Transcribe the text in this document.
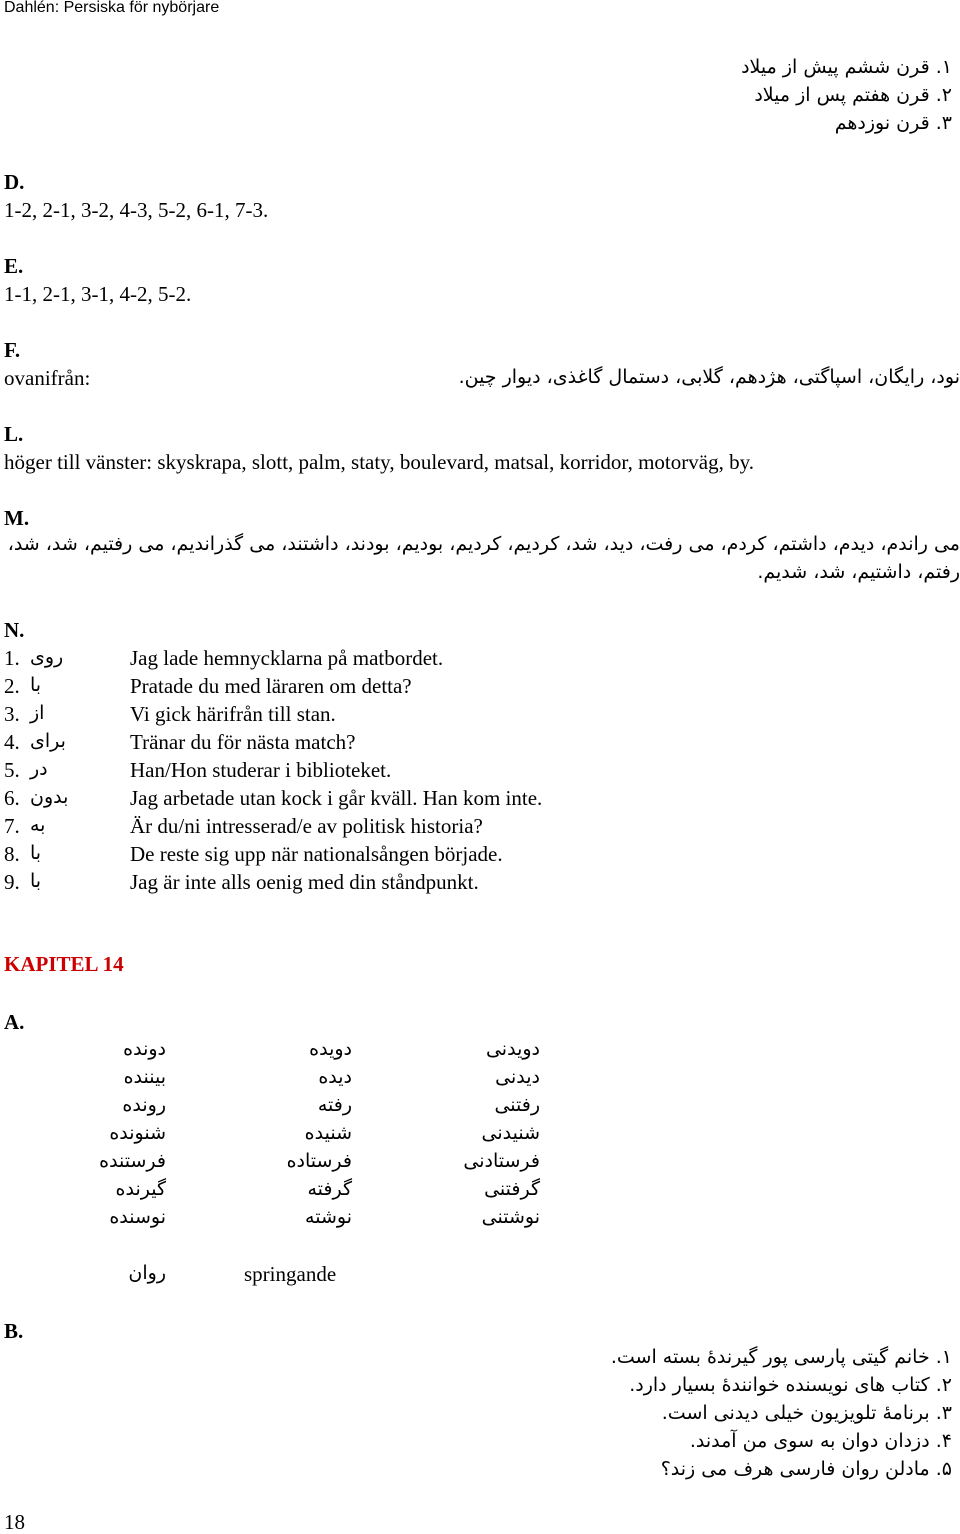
Dahlén: Persiska för nybörjare
۱. قرن ششم پیش از میلاد
۲. قرن هفتم پس از میلاد
۳. قرن نوزدهم
D.
1-2, 2-1, 3-2, 4-3, 5-2, 6-1, 7-3.
E.
1-1, 2-1, 3-1, 4-2, 5-2.
F.
ovanifrån:	نود، رایگان، اسپاگتی، هژدهم، گلابی، دستمال گاغذی، دیوار چین.
L.
höger till vänster: skyskrapa, slott, palm, staty, boulevard, matsal, korridor, motorväg, by.
M.
می راندم، دیدم، داشتم، کردم، می رفت، دید، شد، کردیم، کردیم، بودیم، بودند، داشتند، می گذراندیم، می رفتیم، شد، شد،
رفتم، داشتیم، شد، شدیم.
N.
1. روی	Jag lade hemnycklarna på matbordet.
2. با	Pratade du med läraren om detta?
3. از	Vi gick härifrån till stan.
4. برای	Tränar du för nästa match?
5. در	Han/Hon studerar i biblioteket.
6. بدون	Jag arbetade utan kock i går kväll. Han kom inte.
7. به	Är du/ni intresserad/e av politisk historia?
8. با	De reste sig upp när nationalsången började.
9. با	Jag är inte alls oenig med din ståndpunkt.
KAPITEL 14
A.
دونده	دویده	دویدنی
بیننده	دیده	دیدنی
رونده	رفته	رفتنی
شنونده	شنیده	شنیدنی
فرستنده	فرستاده	فرستادنی
گیرنده	گرفته	گرفتنی
نوسنده	نوشته	نوشتنی
روان	springande
B.
۱. خانم گیتی پارسی پور گیرندهٔ بسته است.
۲. کتاب های نویسنده خوانندهٔ بسیار دارد.
۳. برنامهٔ تلویزیون خیلی دیدنی است.
۴. دزدان دوان به سوی من آمدند.
۵. مادلن روان فارسی هرف می زند؟
18
